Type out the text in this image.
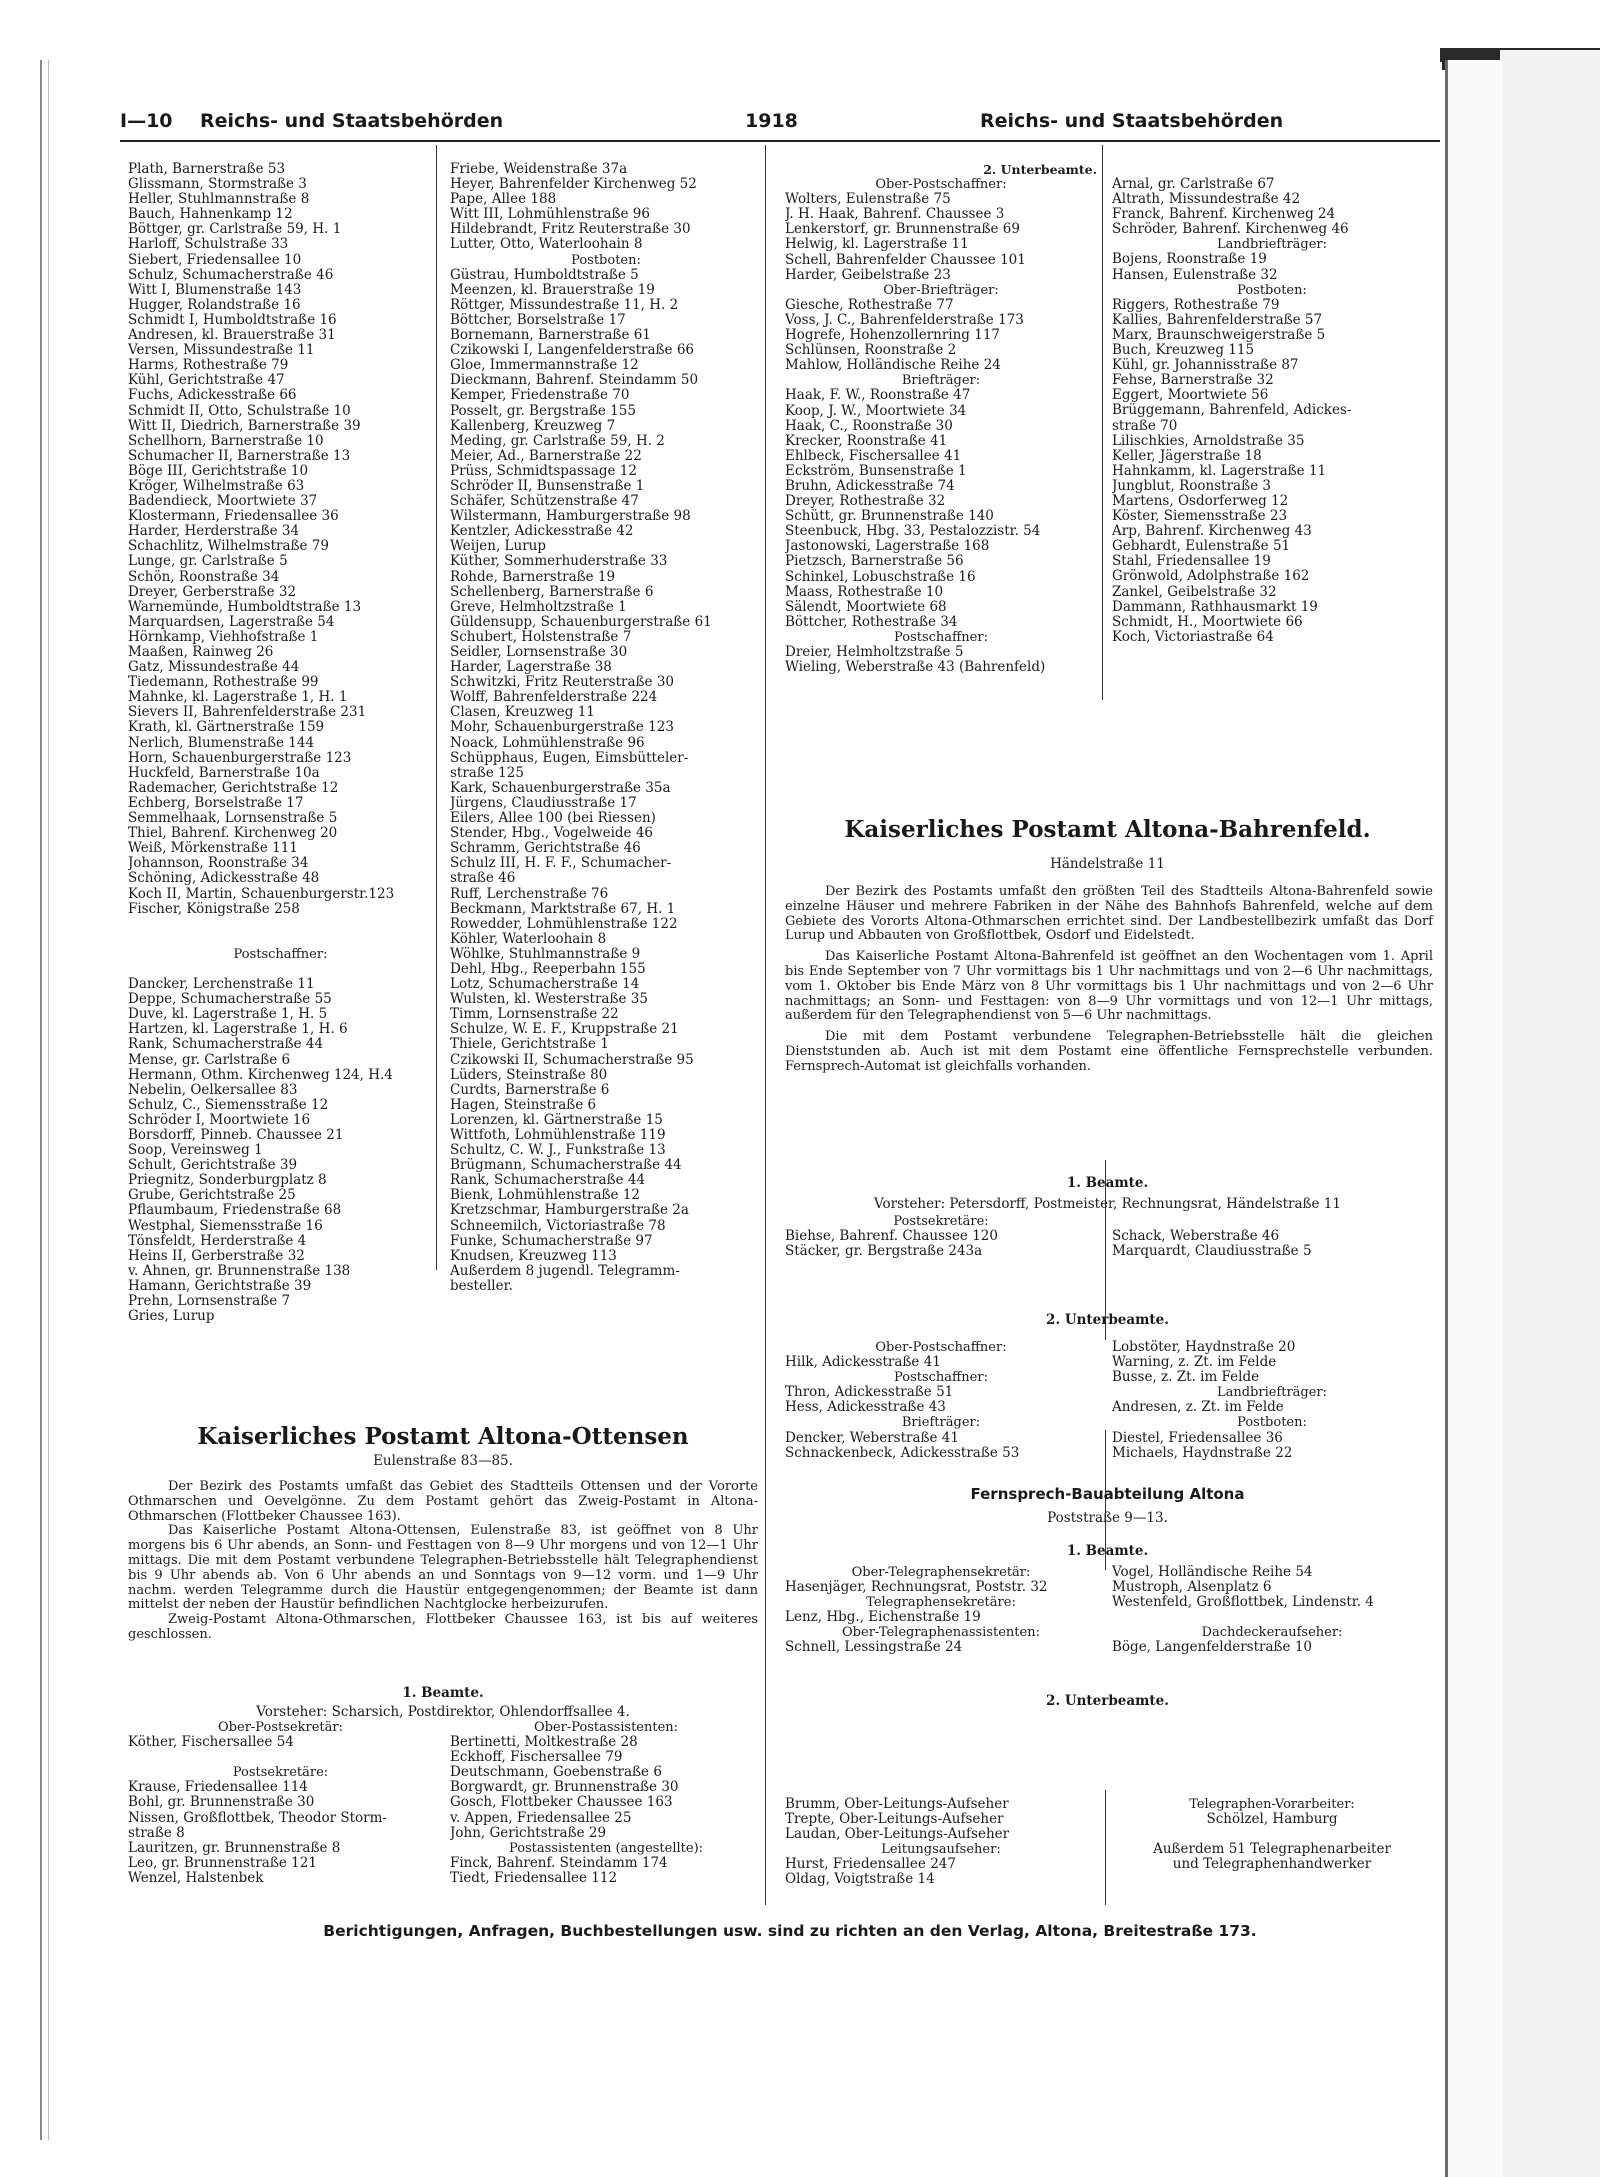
I—10 Reichs- und Staatsbehörden	1918	Reichs- und Staatsbehörden
Plath, Barnerstraße 53
Glissmann, Stormstraße 3
Heller, Stuhlmannstraße 8
Bauch, Hahnenkamp 12
Böttger, gr. Carlstraße 59, H. 1
Harloff, Schulstraße 33
Siebert, Friedensallee 10
Schulz, Schumacherstraße 46
Witt I, Blumenstraße 143
Hugger, Rolandstraße 16
Schmidt I, Humboldtstraße 16
Andresen, kl. Brauerstraße 31
Versen, Missundestraße 11
Harms, Rothestraße 79
Kühl, Gerichtstraße 47
Fuchs, Adickesstraße 66
Schmidt II, Otto, Schulstraße 10
Witt II, Diedrich, Barnerstraße 39
Schellhorn, Barnerstraße 10
Schumacher II, Barnerstraße 13
Böge III, Gerichtstraße 10
Kröger, Wilhelmstraße 63
Badendieck, Moortwiete 37
Klostermann, Friedensallee 36
Harder, Herderstraße 34
Schachlitz, Wilhelmstraße 79
Lunge, gr. Carlstraße 5
Schön, Roonstraße 34
Dreyer, Gerberstraße 32
Warnemünde, Humboldtstraße 13
Marquardsen, Lagerstraße 54
Hörnkamp, Viehhofstraße 1
Maaßen, Rainweg 26
Gatz, Missundestraße 44
Tiedemann, Rothestraße 99
Mahnke, kl. Lagerstraße 1, H. 1
Sievers II, Bahrenfelderstraße 231
Krath, kl. Gärtnerstraße 159
Nerlich, Blumenstraße 144
Horn, Schauenburgerstraße 123
Huckfeld, Barnerstraße 10a
Rademacher, Gerichtstraße 12
Echberg, Borselstraße 17
Semmelhaak, Lornsenstraße 5
Thiel, Bahrenf. Kirchenweg 20
Weiß, Mörkenstraße 111
Johannson, Roonstraße 34
Schöning, Adickesstraße 48
Koch II, Martin, Schauenburgerstr.123
Fischer, Königstraße 258
Postschaffner:
Dancker, Lerchenstraße 11
Deppe, Schumacherstraße 55
Duve, kl. Lagerstraße 1, H. 5
Hartzen, kl. Lagerstraße 1, H. 6
Rank, Schumacherstraße 44
Mense, gr. Carlstraße 6
Hermann, Othm. Kirchenweg 124, H.4
Nebelin, Oelkersallee 83
Schulz, C., Siemensstraße 12
Schröder I, Moortwiete 16
Borsdorff, Pinneb. Chaussee 21
Soop, Vereinsweg 1
Schult, Gerichtstraße 39
Priegnitz, Sonderburgplatz 8
Grube, Gerichtstraße 25
Pflaumbaum, Friedenstraße 68
Westphal, Siemensstraße 16
Tönsfeldt, Herderstraße 4
Heins II, Gerberstraße 32
v. Ahnen, gr. Brunnenstraße 138
Hamann, Gerichtstraße 39
Prehn, Lornsenstraße 7
Gries, Lurup
Friebe, Weidenstraße 37a
Heyer, Bahrenfelder Kirchenweg 52
Pape, Allee 188
Witt III, Lohmühlenstraße 96
Hildebrandt, Fritz Reuterstraße 30
Lutter, Otto, Waterloohain 8
Postboten:
Güstrau, Humboldtstraße 5
Meenzen, kl. Brauerstraße 19
Röttger, Missundestraße 11, H. 2
Böttcher, Borselstraße 17
Bornemann, Barnerstraße 61
Czikowski I, Langenfelderstraße 66
Gloe, Immermannstraße 12
Dieckmann, Bahrenf. Steindamm 50
Kemper, Friedenstraße 70
Posselt, gr. Bergstraße 155
Kallenberg, Kreuzweg 7
Meding, gr. Carlstraße 59, H. 2
Meier, Ad., Barnerstraße 22
Prüss, Schmidtspassage 12
Schröder II, Bunsenstraße 1
Schäfer, Schützenstraße 47
Wilstermann, Hamburgerstraße 98
Kentzler, Adickesstraße 42
Weijen, Lurup
Küther, Sommerhuderstraße 33
Rohde, Barnerstraße 19
Schellenberg, Barnerstraße 6
Greve, Helmholtzstraße 1
Güldensupp, Schauenburgerstraße 61
Schubert, Holstenstraße 7
Seidler, Lornsenstraße 30
Harder, Lagerstraße 38
Schwitzki, Fritz Reuterstraße 30
Wolff, Bahrenfelderstraße 224
Clasen, Kreuzweg 11
Mohr, Schauenburgerstraße 123
Noack, Lohmühlenstraße 96
Schüpphaus, Eugen, Eimsbütteler-
straße 125
Kark, Schauenburgerstraße 35a
Jürgens, Claudiusstraße 17
Eilers, Allee 100 (bei Riessen)
Stender, Hbg., Vogelweide 46
Schramm, Gerichtstraße 46
Schulz III, H. F. F., Schumacher-
straße 46
Ruff, Lerchenstraße 76
Beckmann, Marktstraße 67, H. 1
Rowedder, Lohmühlenstraße 122
Köhler, Waterloohain 8
Wöhlke, Stuhlmannstraße 9
Dehl, Hbg., Reeperbahn 155
Lotz, Schumacherstraße 14
Wulsten, kl. Westerstraße 35
Timm, Lornsenstraße 22
Schulze, W. E. F., Kruppstraße 21
Thiele, Gerichtstraße 1
Czikowski II, Schumacherstraße 95
Lüders, Steinstraße 80
Curdts, Barnerstraße 6
Hagen, Steinstraße 6
Lorenzen, kl. Gärtnerstraße 15
Wittfoth, Lohmühlenstraße 119
Schultz, C. W. J., Funkstraße 13
Brügmann, Schumacherstraße 44
Rank, Schumacherstraße 44
Bienk, Lohmühlenstraße 12
Kretzschmar, Hamburgerstraße 2a
Schneemilch, Victoriastraße 78
Funke, Schumacherstraße 97
Knudsen, Kreuzweg 113
Außerdem 8 jugendl. Telegramm-
besteller.
2. Unterbeamte.
Ober-Postschaffner:
Wolters, Eulenstraße 75
J. H. Haak, Bahrenf. Chaussee 3
Lenkerstorf, gr. Brunnenstraße 69
Helwig, kl. Lagerstraße 11
Schell, Bahrenfelder Chaussee 101
Harder, Geibelstraße 23
Ober-Briefträger:
Giesche, Rothestraße 77
Voss, J. C., Bahrenfelderstraße 173
Hogrefe, Hohenzollernring 117
Schlünsen, Roonstraße 2
Mahlow, Holländische Reihe 24
Briefträger:
Haak, F. W., Roonstraße 47
Koop, J. W., Moortwiete 34
Haak, C., Roonstraße 30
Krecker, Roonstraße 41
Ehlbeck, Fischersallee 41
Eckström, Bunsenstraße 1
Bruhn, Adickesstraße 74
Dreyer, Rothestraße 32
Schütt, gr. Brunnenstraße 140
Steenbuck, Hbg. 33, Pestalozzistr. 54
Jastonowski, Lagerstraße 168
Pietzsch, Barnerstraße 56
Schinkel, Lobuschstraße 16
Maass, Rothestraße 10
Sälendt, Moortwiete 68
Böttcher, Rothestraße 34
Postschaffner:
Dreier, Helmholtzstraße 5
Wieling, Weberstraße 43 (Bahrenfeld)
Arnal, gr. Carlstraße 67
Altrath, Missundestraße 42
Franck, Bahrenf. Kirchenweg 24
Schröder, Bahrenf. Kirchenweg 46
Landbriefträger:
Bojens, Roonstraße 19
Hansen, Eulenstraße 32
Postboten:
Riggers, Rothestraße 79
Kallies, Bahrenfelderstraße 57
Marx, Braunschweigerstraße 5
Buch, Kreuzweg 115
Kühl, gr. Johannisstraße 87
Fehse, Barnerstraße 32
Eggert, Moortwiete 56
Brüggemann, Bahrenfeld, Adickes-
straße 70
Lilischkies, Arnoldstraße 35
Keller, Jägerstraße 18
Hahnkamm, kl. Lagerstraße 11
Jungblut, Roonstraße 3
Martens, Osdorferweg 12
Köster, Siemensstraße 23
Arp, Bahrenf. Kirchenweg 43
Gebhardt, Eulenstraße 51
Stahl, Friedensallee 19
Grönwold, Adolphstraße 162
Zankel, Geibelstraße 32
Dammann, Rathhausmarkt 19
Schmidt, H., Moortwiete 66
Koch, Victoriastraße 64
Kaiserliches Postamt Altona-Bahrenfeld.
Händelstraße 11

Der Bezirk des Postamts umfaßt den größten Teil des Stadtteils Altona-Bahrenfeld sowie einzelne Häuser und mehrere Fabriken in der Nähe des Bahnhofs Bahrenfeld, welche auf dem Gebiete des Vororts Altona-Othmarschen errichtet sind. Der Landbestellbezirk umfaßt das Dorf Lurup und Abbauten von Großflottbek, Osdorf und Eidelstedt.

Das Kaiserliche Postamt Altona-Bahrenfeld ist geöffnet an den Wochentagen vom 1. April bis Ende September von 7 Uhr vormittags bis 1 Uhr nachmittags und von 2—6 Uhr nachmittags, vom 1. Oktober bis Ende März von 8 Uhr vormittags bis 1 Uhr nachmittags und von 2—6 Uhr nachmittags; an Sonn- und Festtagen: von 8—9 Uhr vormittags und von 12—1 Uhr mittags, außerdem für den Telegraphendienst von 5—6 Uhr nachmittags.

Die mit dem Postamt verbundene Telegraphen-Betriebsstelle hält die gleichen Dienststunden ab. Auch ist mit dem Postamt eine öffentliche Fernsprechstelle verbunden. Fernsprech-Automat ist gleichfalls vorhanden.

1. Beamte.
Vorsteher: Petersdorff, Postmeister, Rechnungsrat, Händelstraße 11
Postsekretäre:
Biehse, Bahrenf. Chaussee 120
Stäcker, gr. Bergstraße 243a
Schack, Weberstraße 46
Marquardt, Claudiusstraße 5
2. Unterbeamte.
Ober-Postschaffner:
Hilk, Adickesstraße 41
Postschaffner:
Thron, Adickesstraße 51
Hess, Adickesstraße 43
Briefträger:
Dencker, Weberstraße 41
Schnackenbeck, Adickesstraße 53
Lobstöter, Haydnstraße 20
Warning, z. Zt. im Felde
Busse, z. Zt. im Felde
Landbriefträger:
Andresen, z. Zt. im Felde
Postboten:
Diestel, Friedensallee 36
Michaels, Haydnstraße 22
Fernsprech-Bauabteilung Altona
Poststraße 9—13.
1. Beamte.
Ober-Telegraphensekretär:
Hasenjäger, Rechnungsrat, Poststr. 32
Telegraphensekretäre:
Lenz, Hbg., Eichenstraße 19
Ober-Telegraphenassistenten:
Schnell, Lessingstraße 24
Vogel, Holländische Reihe 54
Mustroph, Alsenplatz 6
Westenfeld, Großflottbek, Lindenstr. 4
Dachdeckeraufseher:
Böge, Langenfelderstraße 10
2. Unterbeamte.
Brumm, Ober-Leitungs-Aufseher
Trepte, Ober-Leitungs-Aufseher
Laudan, Ober-Leitungs-Aufseher
Leitungsaufseher:
Hurst, Friedensallee 247
Oldag, Voigtstraße 14
Telegraphen-Vorarbeiter:
Schölzel, Hamburg
Außerdem 51 Telegraphenarbeiter
und Telegraphenhandwerker
Kaiserliches Postamt Altona-Ottensen
Eulenstraße 83—85.

Der Bezirk des Postamts umfaßt das Gebiet des Stadtteils Ottensen und der Vororte Othmarschen und Oevelgönne. Zu dem Postamt gehört das Zweig-Postamt in Altona-Othmarschen (Flottbeker Chaussee 163).

Das Kaiserliche Postamt Altona-Ottensen, Eulenstraße 83, ist geöffnet von 8 Uhr morgens bis 6 Uhr abends, an Sonn- und Festtagen von 8—9 Uhr morgens und von 12—1 Uhr mittags. Die mit dem Postamt verbundene Telegraphen-Betriebsstelle hält Telegraphendienst bis 9 Uhr abends ab. Von 6 Uhr abends an und Sonntags von 9—12 vorm. und 1—9 Uhr nachm. werden Telegramme durch die Haustür entgegengenommen; der Beamte ist dann mittelst der neben der Haustür befindlichen Nachtglocke herbeizurufen.

Zweig-Postamt Altona-Othmarschen, Flottbeker Chaussee 163, ist bis auf weiteres geschlossen.

1. Beamte.
Vorsteher: Scharsich, Postdirektor, Ohlendorffsallee 4.
Ober-Postsekretär:
Köther, Fischersallee 54
Postsekretäre:
Krause, Friedensallee 114
Bohl, gr. Brunnenstraße 30
Nissen, Großflottbek, Theodor Storm-
straße 8
Lauritzen, gr. Brunnenstraße 8
Leo, gr. Brunnenstraße 121
Wenzel, Halstenbek
Ober-Postassistenten:
Bertinetti, Moltkestraße 28
Eckhoff, Fischersallee 79
Deutschmann, Goebenstraße 6
Borgwardt, gr. Brunnenstraße 30
Gosch, Flottbeker Chaussee 163
v. Appen, Friedensallee 25
John, Gerichtstraße 29
Postassistenten (angestellte):
Finck, Bahrenf. Steindamm 174
Tiedt, Friedensallee 112
Berichtigungen, Anfragen, Buchbestellungen usw. sind zu richten an den Verlag, Altona, Breitestraße 173.
